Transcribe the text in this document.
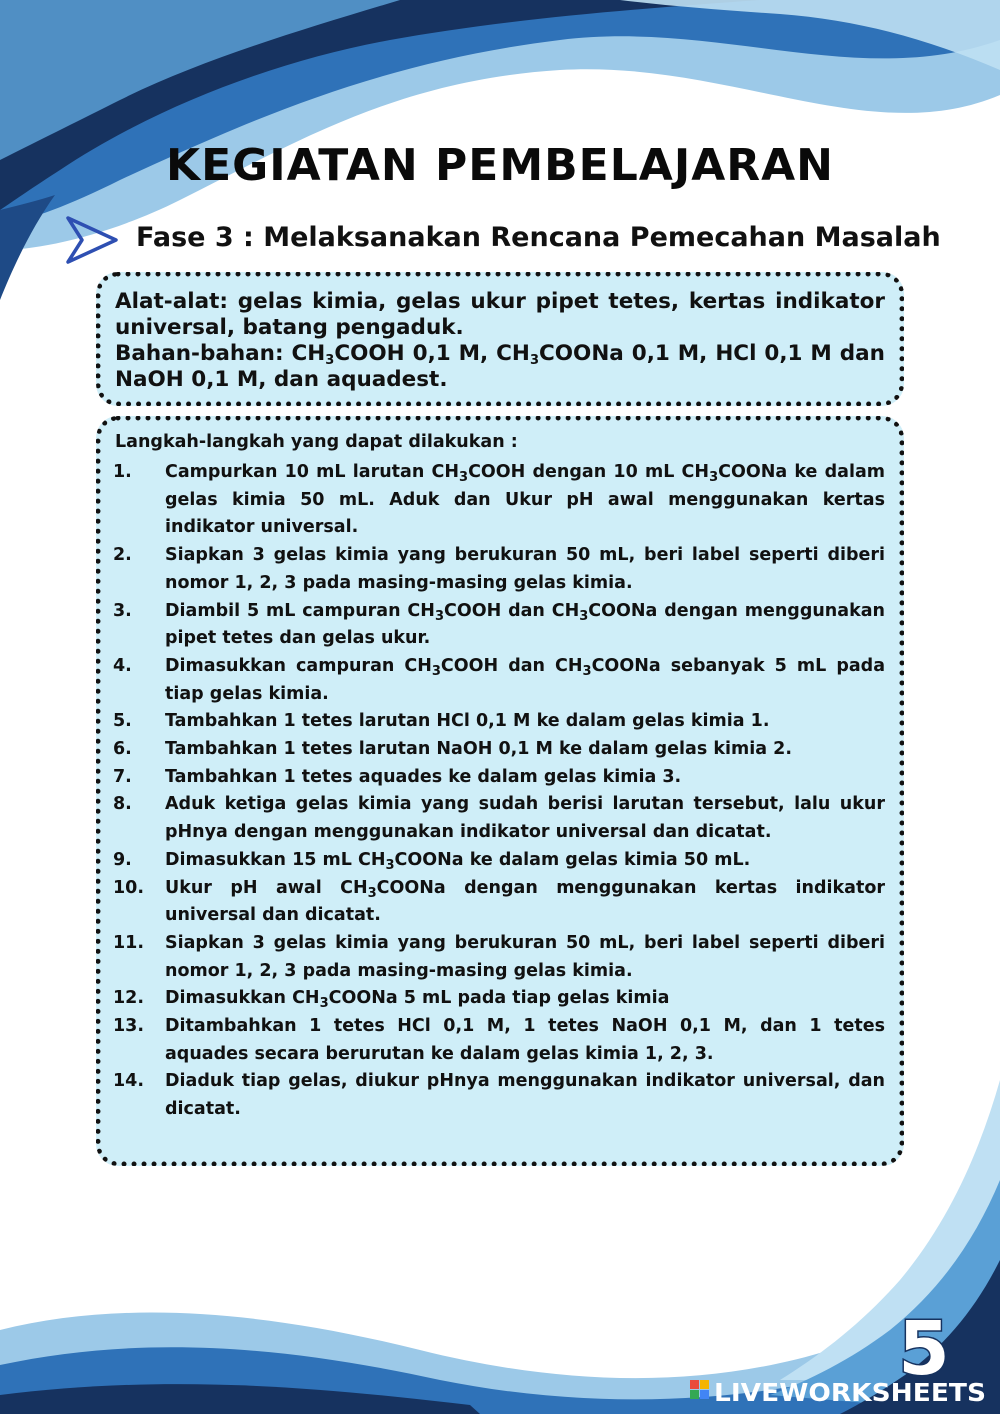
KEGIATAN PEMBELAJARAN
Fase 3 : Melaksanakan Rencana Pemecahan Masalah

Alat-alat: gelas kimia, gelas ukur pipet tetes, kertas indikator universal, batang pengaduk.

Bahan-bahan: $CH_3COOH$ 0,1 M, $CH_3COONa$ 0,1 M, HCl 0,1 M dan NaOH 0,1 M, dan aquadest.

Langkah-langkah yang dapat dilakukan :
1.	Campurkan 10 mL larutan $CH_3COOH$ dengan 10 mL $CH_3COONa$ ke dalam gelas kimia 50 mL. Aduk dan Ukur pH awal menggunakan kertas indikator universal.
2.	Siapkan 3 gelas kimia yang berukuran 50 mL, beri label seperti diberi nomor 1, 2, 3 pada masing-masing gelas kimia.
3.	Diambil 5 mL campuran $CH_3COOH$ dan $CH_3COONa$ dengan menggunakan pipet tetes dan gelas ukur.
4.	Dimasukkan campuran $CH_3COOH$ dan $CH_3COONa$ sebanyak 5 mL pada tiap gelas kimia.
5.	Tambahkan 1 tetes larutan HCl 0,1 M ke dalam gelas kimia 1.
6.	Tambahkan 1 tetes larutan NaOH 0,1 M ke dalam gelas kimia 2.
7.	Tambahkan 1 tetes aquades ke dalam gelas kimia 3.
8.	Aduk ketiga gelas kimia yang sudah berisi larutan tersebut, lalu ukur pHnya dengan menggunakan indikator universal dan dicatat.
9.	Dimasukkan 15 mL $CH_3COONa$ ke dalam gelas kimia 50 mL.
10.	Ukur pH awal $CH_3COONa$ dengan menggunakan kertas indikator universal dan dicatat.
11.	Siapkan 3 gelas kimia yang berukuran 50 mL, beri label seperti diberi nomor 1, 2, 3 pada masing-masing gelas kimia.
12.	Dimasukkan $CH_3COONa$ 5 mL pada tiap gelas kimia
13.	Ditambahkan 1 tetes HCl 0,1 M, 1 tetes NaOH 0,1 M, dan 1 tetes aquades secara berurutan ke dalam gelas kimia 1, 2, 3.
14.	Diaduk tiap gelas, diukur pHnya menggunakan indikator universal, dan dicatat.
LIVEWORKSHEETS
5
